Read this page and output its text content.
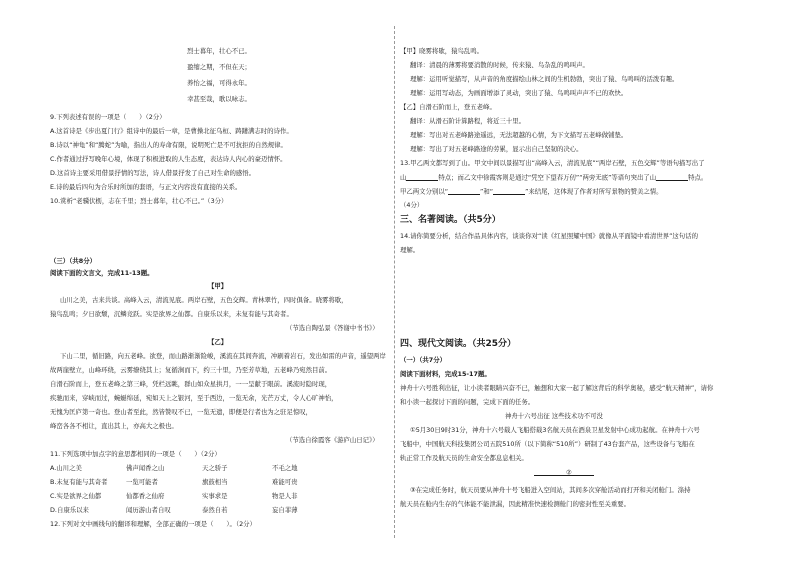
烈士暮年，壮心不已。
盈缩之期，不但在天；
养怡之福，可得永年。
幸甚至哉，歌以咏志。
9.下列表述有误的一项是（　　）（2分）
A.这首诗是《步出夏门行》组诗中的最后一章，是曹操北征乌桓、踌躇满志时的诗作。
B.诗以“神龟”和“腾蛇”为喻，指出人的寿命有限，说明死亡是不可抗拒的自然规律。
C.作者通过抒写晚年心境，体现了积极进取的人生态度，表达诗人内心的豪迈情怀。
D.这首诗主要采用借景抒情的写法，诗人借景抒发了自己对生命的感悟。
E.诗的最后四句为合乐时所加的套语，与正文内容没有直接的关系。
10.赏析“老骥伏枥，志在千里；烈士暮年，壮心不已。”（3分）
（三）（共8分）
阅读下面的文言文，完成11-13题。
【甲】
山川之美，古来共谈。高峰入云，清流见底。两岸石壁，五色交辉。青林翠竹，四时俱备。晓雾将歇，
猿鸟乱鸣；夕日欲颓，沉鳞竞跃。实是欲界之仙都。自康乐以来，未复有能与其奇者。
（节选自陶弘景《答谢中书书》）
【乙】
下山二里，循旧路，向五老峰。欲登，而山路渐渐险峻，溪流在其间奔流，冲刷着岩石，发出如雷的声音，遥望两岸
故两崖壁立，山峰环绕，云雾缭绕其上；复循涧而下，约三十里，乃至芳草地，五老峰乃宛然目前。
自滑石阶而上，登五老峰之第三峰，凭栏远眺，群山如众星拱月，一一呈献于眼前。溪流时隐时现，
疾驰而来，穿峡而过，蜿蜒绵延，宛如天上之银河，至于西边，一览无余，光芒万丈，令人心旷神怡，
无愧为匡庐第一奇也。登山者至此，然皆赞叹不已，一览无遗，即便是行者也为之驻足惊叹，
峰峦各各不相让，直出其上，亦高大之极也。
（节选自徐霞客《游庐山日记》）
11.下列选项中加点字的意思都相同的一项是（　　）（2分）
A.山川之美	佛声闻香之山	天之骄子	不毛之地
B.未复有能与其奇者	一览可能者	旗鼓相当	难能可贵
C.实是欲界之仙都	仙都香之仙府	实事求是	物是人非
D.自康乐以来	闻历游山者自叹	泰然自若	妄自菲薄
12.下列对文中画线句的翻译和理解，全部正确的一项是（　　）。（2分）
【甲】晓雾将歇，猿鸟乱鸣。
翻译：清晨的薄雾将要消散的时候，传来猿、鸟杂乱的鸣叫声。
理解：运用听觉描写，从声音的角度描绘山林之间的生机勃勃，突出了猿、鸟鸣叫的活泼有趣。
理解：运用写动态，为画面增添了灵动，突出了猿、鸟鸣叫声声不已的欢快。
【乙】自滑石阶而上，登五老峰。
翻译：从滑石阶计算路程，将近三十里。
理解：写出对五老峰路途遥远，无法超越的心情，为下文描写五老峰做铺垫。
理解：写出了对五老峰路途的劳累，显示出自己坚韧的决心。
13.甲乙两文都写到了山。甲文中间以景描写出“高峰入云，清流见底”“两岸石壁，五色交辉”等语句描写出了
山	特点；而乙文中徐霞客则是通过“凭空下望春万仞”“两旁无底”等语句突出了山	特点。
甲乙两文分别以“	”和“	”来结尾，这体现了作者对所写景物的赞美之情。
（4分）
三、名著阅读。（共5分）
14.请你简要分析，结合作品具体内容，谈谈你对“读《红星照耀中国》就像从平面镜中看清世界”这句话的
理解。
四、现代文阅读。（共25分）
（一）（共7分）
阅读下面材料，完成15-17题。
神舟十六号胜利出征，让小读者眼睛兴奋不已，触想和大家一起了解这背后的科学奥秘，感受“航天精神”，请你
和小读一起探讨下面的问题，完成下面的任务。
神舟十六号出征 这些技术功不可没
①5月30日9时31分，神舟十六号载人飞船搭载3名航天员在酒泉卫星发射中心成功起航。在神舟十六号
飞船中，中国航天科技集团公司五院510所（以下简称“510所”）研制了43台套产品，这些设备与飞船在
轨正常工作及航天员的生命安全都息息相关。
②
③在完成任务时，航天员要从神舟十号飞船进入空间站，其间多次穿舱活动而打开和关闭舱门。涤持
航天员在舱内生存的气体能不能泄漏，因此精准快速检测舱门的密封性至关重要。
